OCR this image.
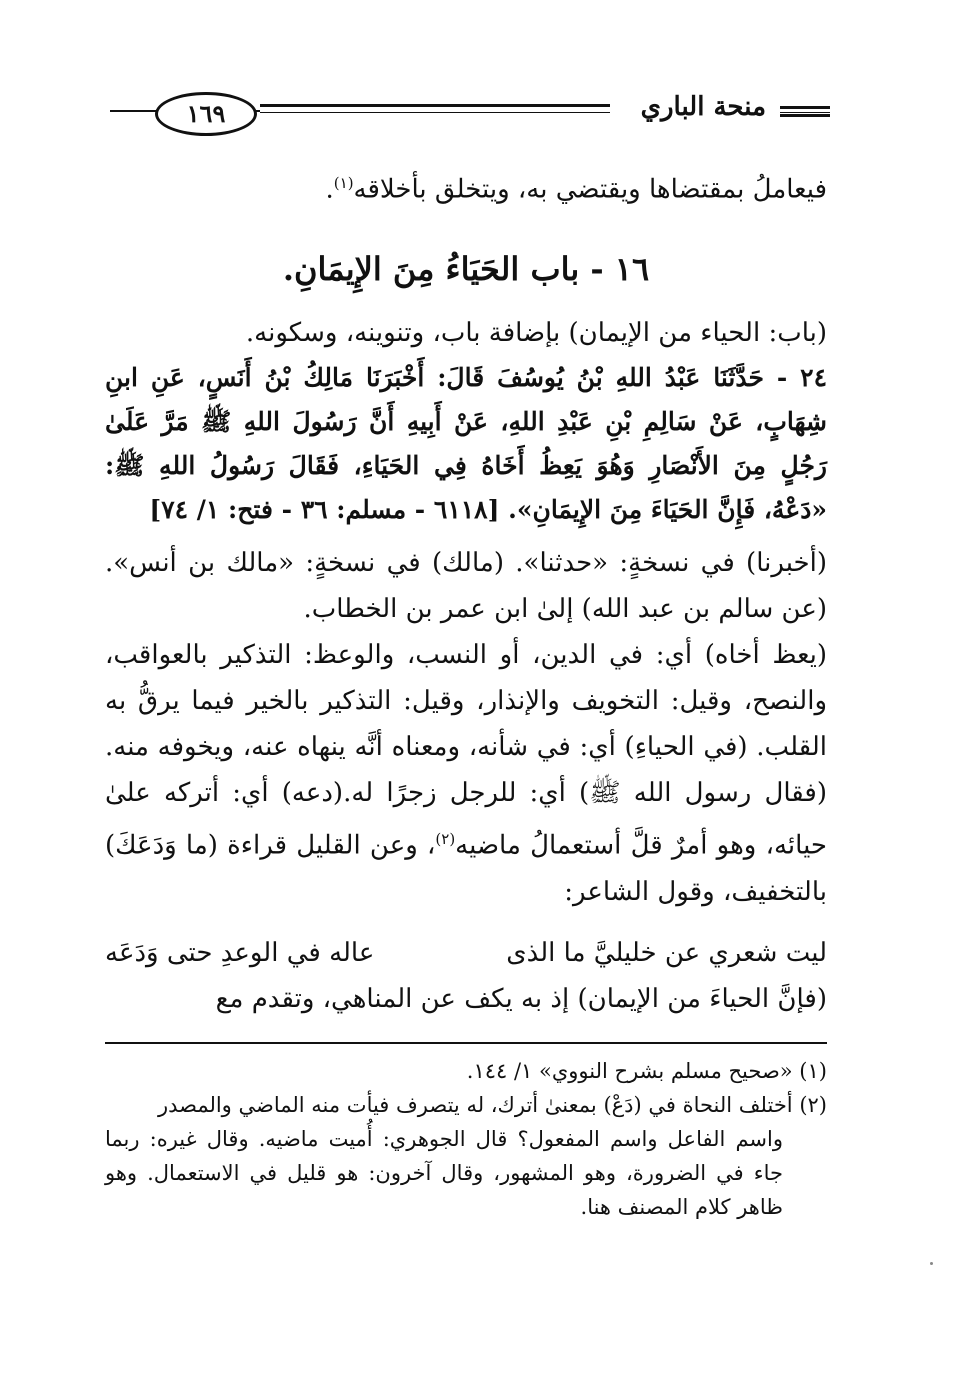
منحة الباري
١٦٩
فيعاملُ بمقتضاها ويقتضي به، ويتخلق بأخلاقه$^{(١)}$.
١٦ - باب الحَيَاءُ مِنَ الإِيمَانِ.
(باب: الحياء من الإيمان) بإضافة باب، وتنوينه، وسكونه.
٢٤ - حَدَّثَنَا عَبْدُ اللهِ بْنُ يُوسُفَ قَالَ: أَخْبَرَنَا مَالِكُ بْنُ أَنَسٍ، عَنِ ابنِ شِهَابٍ، عَنْ سَالِمِ بْنِ عَبْدِ اللهِ، عَنْ أَبِيهِ أَنَّ رَسُولَ اللهِ ﷺ مَرَّ عَلَىٰ رَجُلٍ مِنَ الأَنْصَارِ وَهُوَ يَعِظُ أَخَاهُ فِي الحَيَاءِ، فَقَالَ رَسُولُ اللهِ ﷺ: «دَعْهُ، فَإِنَّ الحَيَاءَ مِنَ الإِيمَانِ». [٦١١٨ - مسلم: ٣٦ - فتح: ١/ ٧٤]
(أخبرنا) في نسخةٍ: «حدثنا». (مالك) في نسخةٍ: «مالك بن أنس». (عن سالم بن عبد الله) إلىٰ ابن عمر بن الخطاب.
(يعظ أخاه) أي: في الدين، أو النسب، والوعظ: التذكير بالعواقب، والنصح، وقيل: التخويف والإنذار، وقيل: التذكير بالخير فيما يرقُّ به القلب. (في الحياءِ) أي: في شأنه، ومعناه أنَّه ينهاه عنه، ويخوفه منه. (فقال رسول الله ﷺ) أي: للرجل زجرًا له.(دعه) أي: أتركه علىٰ حيائه، وهو أمرٌ قلَّ أستعمالُ ماضيه$^{(٢)}$، وعن القليل قراءة (ما وَدَعَكَ) بالتخفيف، وقول الشاعر:
ليت شعري عن خليليَّ ما الذى
عاله في الوعدِ حتى وَدَعَه
(فإنَّ الحياءَ من الإيمان) إذ به يكف عن المناهي، وتقدم مع
(١) «صحيح مسلم بشرح النووي» ١/ ١٤٤.
(٢) أختلف النحاة في (دَعْ) بمعنىٰ أترك، له يتصرف فيأت منه الماضي والمصدر
واسم الفاعل واسم المفعول؟ قال الجوهري: أُميت ماضيه. وقال غيره: ربما جاء في الضرورة، وهو المشهور، وقال آخرون: هو قليل في الاستعمال. وهو ظاهر كلام المصنف هنا.
